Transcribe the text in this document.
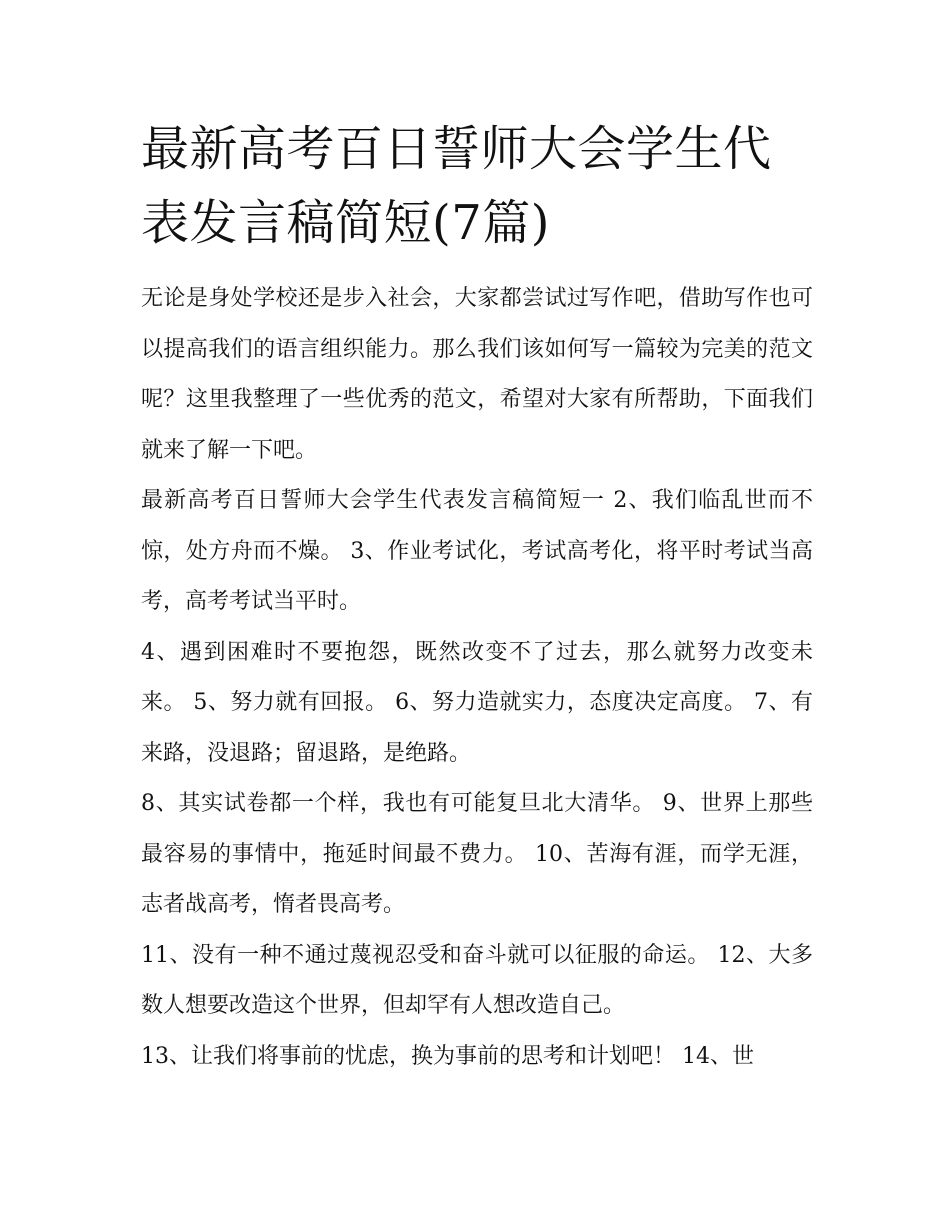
最新高考百日誓师大会学生代表发言稿简短(7篇)

无论是身处学校还是步入社会，大家都尝试过写作吧，借助写作也可以提高我们的语言组织能力。那么我们该如何写一篇较为完美的范文呢？这里我整理了一些优秀的范文，希望对大家有所帮助，下面我们就来了解一下吧。

最新高考百日誓师大会学生代表发言稿简短一 2、我们临乱世而不惊，处方舟而不燥。 3、作业考试化，考试高考化，将平时考试当高考，高考考试当平时。

4、遇到困难时不要抱怨，既然改变不了过去，那么就努力改变未来。 5、努力就有回报。 6、努力造就实力，态度决定高度。 7、有来路，没退路；留退路，是绝路。

8、其实试卷都一个样，我也有可能复旦北大清华。 9、世界上那些最容易的事情中，拖延时间最不费力。 10、苦海有涯，而学无涯，志者战高考，惰者畏高考。

11、没有一种不通过蔑视忍受和奋斗就可以征服的命运。 12、大多数人想要改造这个世界，但却罕有人想改造自己。

13、让我们将事前的忧虑，换为事前的思考和计划吧！ 14、世
